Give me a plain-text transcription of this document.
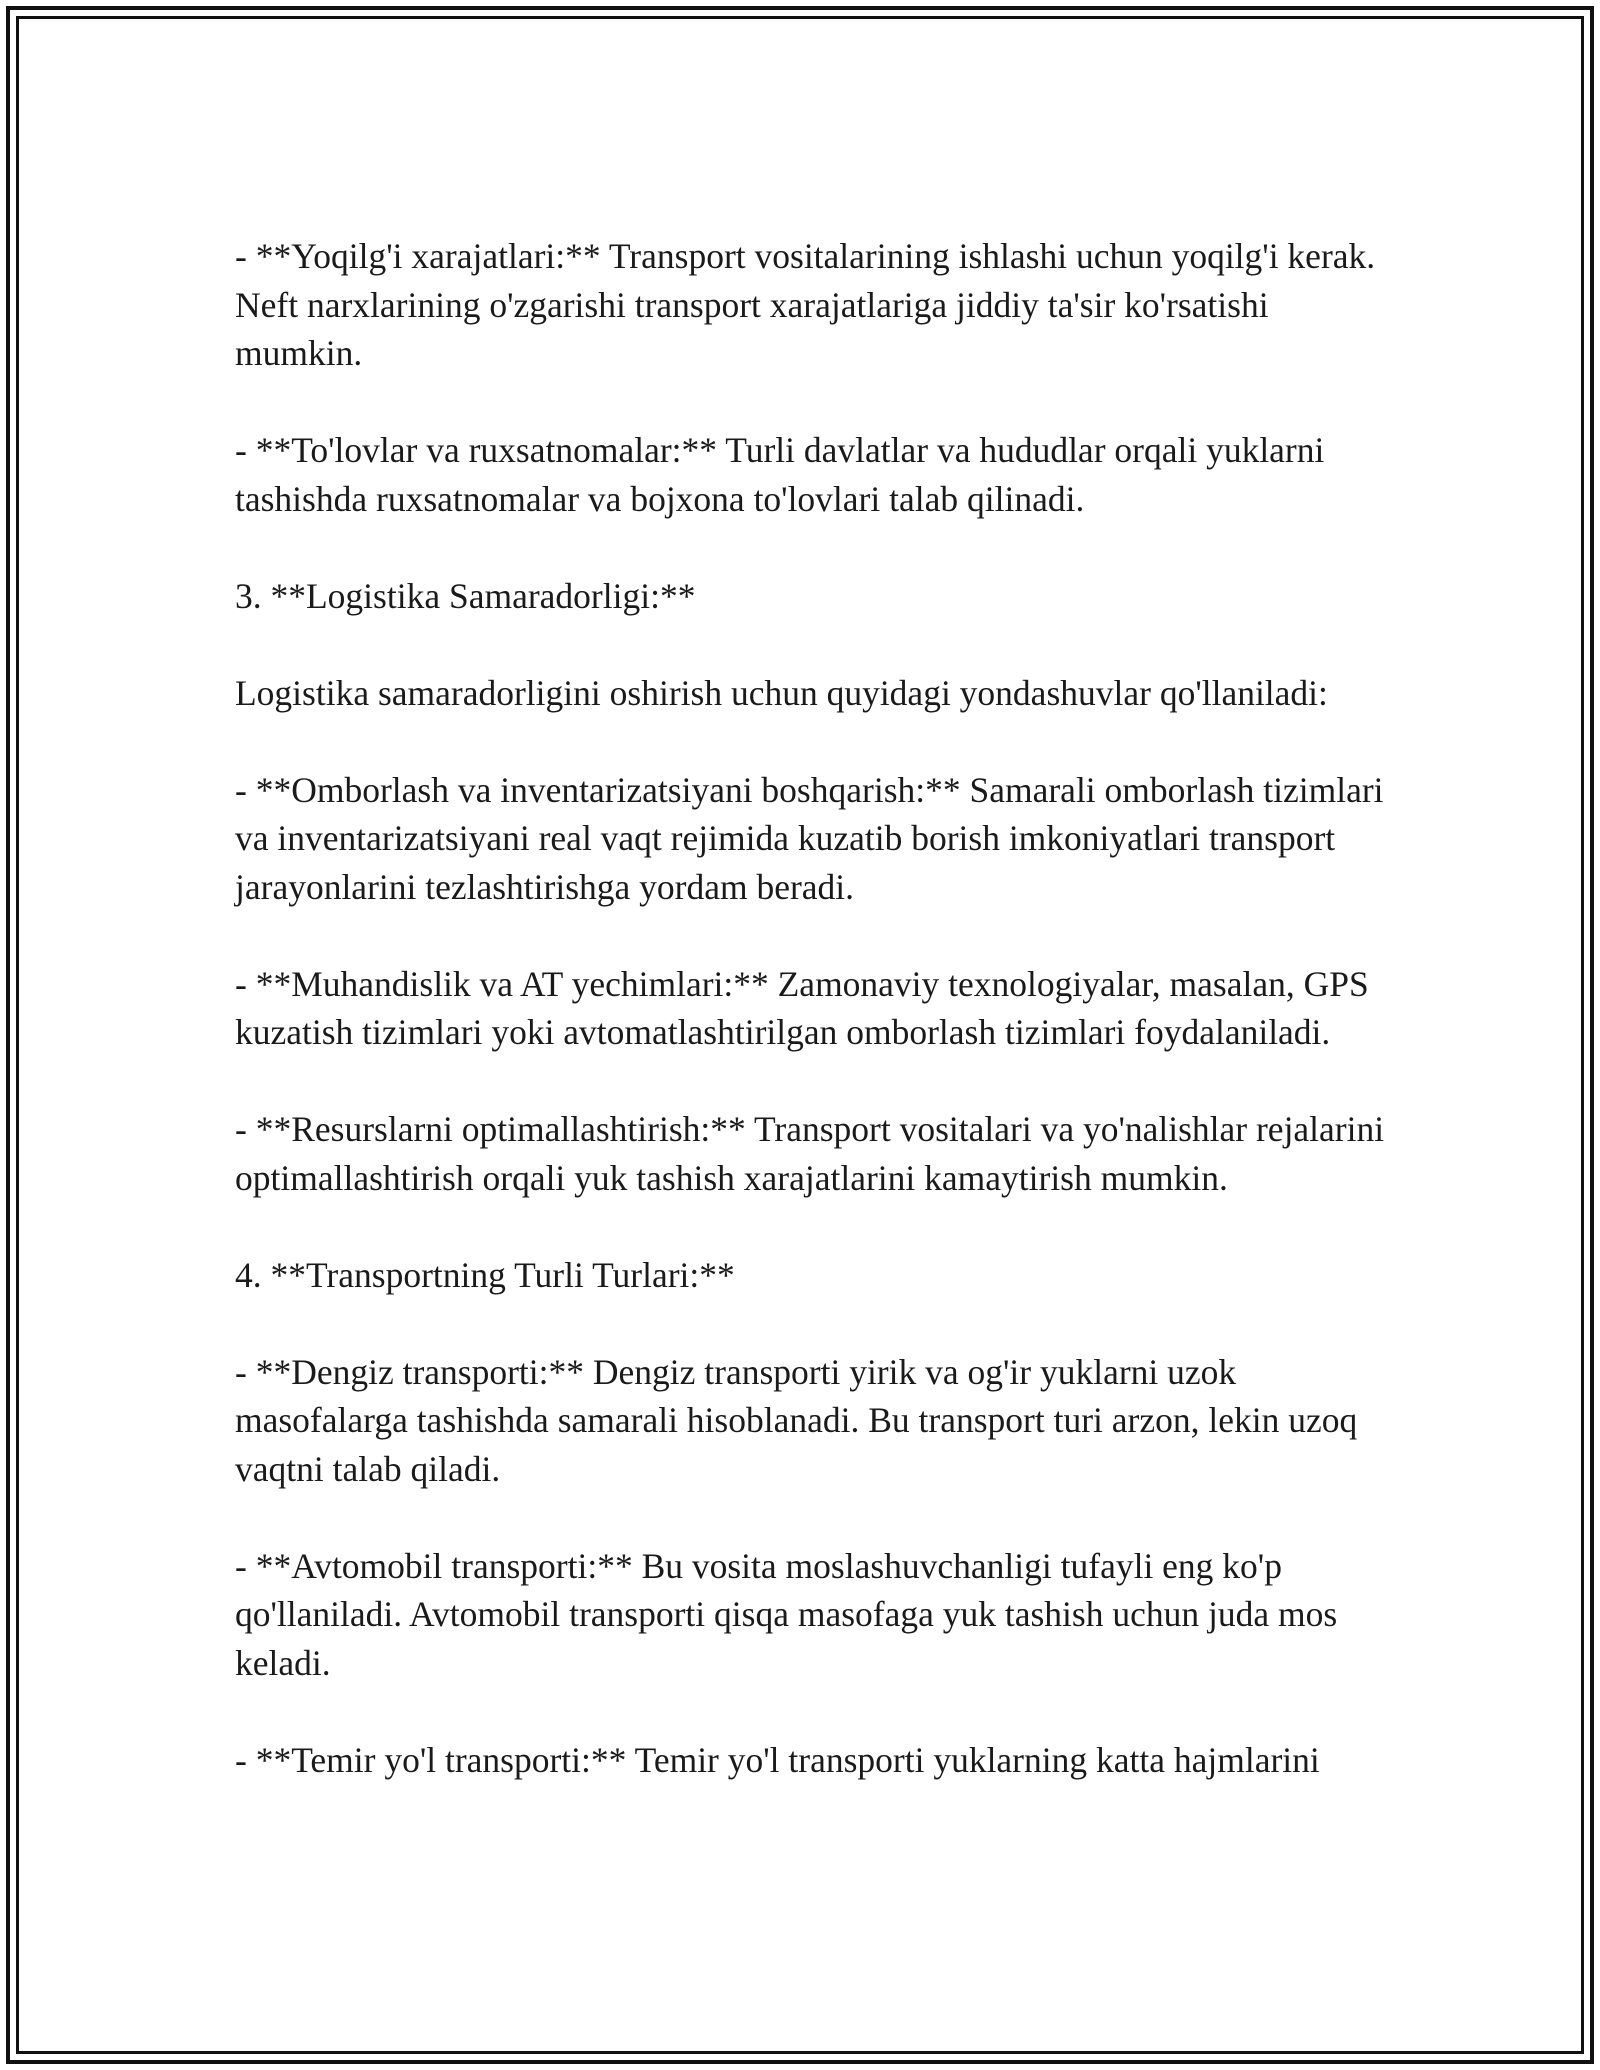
- **Yoqilg'i xarajatlari:** Transport vositalarining ishlashi uchun yoqilg'i kerak. Neft narxlarining o'zgarishi transport xarajatlariga jiddiy ta'sir ko'rsatishi mumkin.

- **To'lovlar va ruxsatnomalar:** Turli davlatlar va hududlar orqali yuklarni tashishda ruxsatnomalar va bojxona to'lovlari talab qilinadi.

3. **Logistika Samaradorligi:**

Logistika samaradorligini oshirish uchun quyidagi yondashuvlar qo'llaniladi:

- **Omborlash va inventarizatsiyani boshqarish:** Samarali omborlash tizimlari va inventarizatsiyani real vaqt rejimida kuzatib borish imkoniyatlari transport jarayonlarini tezlashtirishga yordam beradi.

- **Muhandislik va AT yechimlari:** Zamonaviy texnologiyalar, masalan, GPS kuzatish tizimlari yoki avtomatlashtirilgan omborlash tizimlari foydalaniladi.

- **Resurslarni optimallashtirish:** Transport vositalari va yo'nalishlar rejalarini optimallashtirish orqali yuk tashish xarajatlarini kamaytirish mumkin.

4. **Transportning Turli Turlari:**

- **Dengiz transporti:** Dengiz transporti yirik va og'ir yuklarni uzok masofalarga tashishda samarali hisoblanadi. Bu transport turi arzon, lekin uzoq vaqtni talab qiladi.

- **Avtomobil transporti:** Bu vosita moslashuvchanligi tufayli eng ko'p qo'llaniladi. Avtomobil transporti qisqa masofaga yuk tashish uchun juda mos keladi.

- **Temir yo'l transporti:** Temir yo'l transporti yuklarning katta hajmlarini
